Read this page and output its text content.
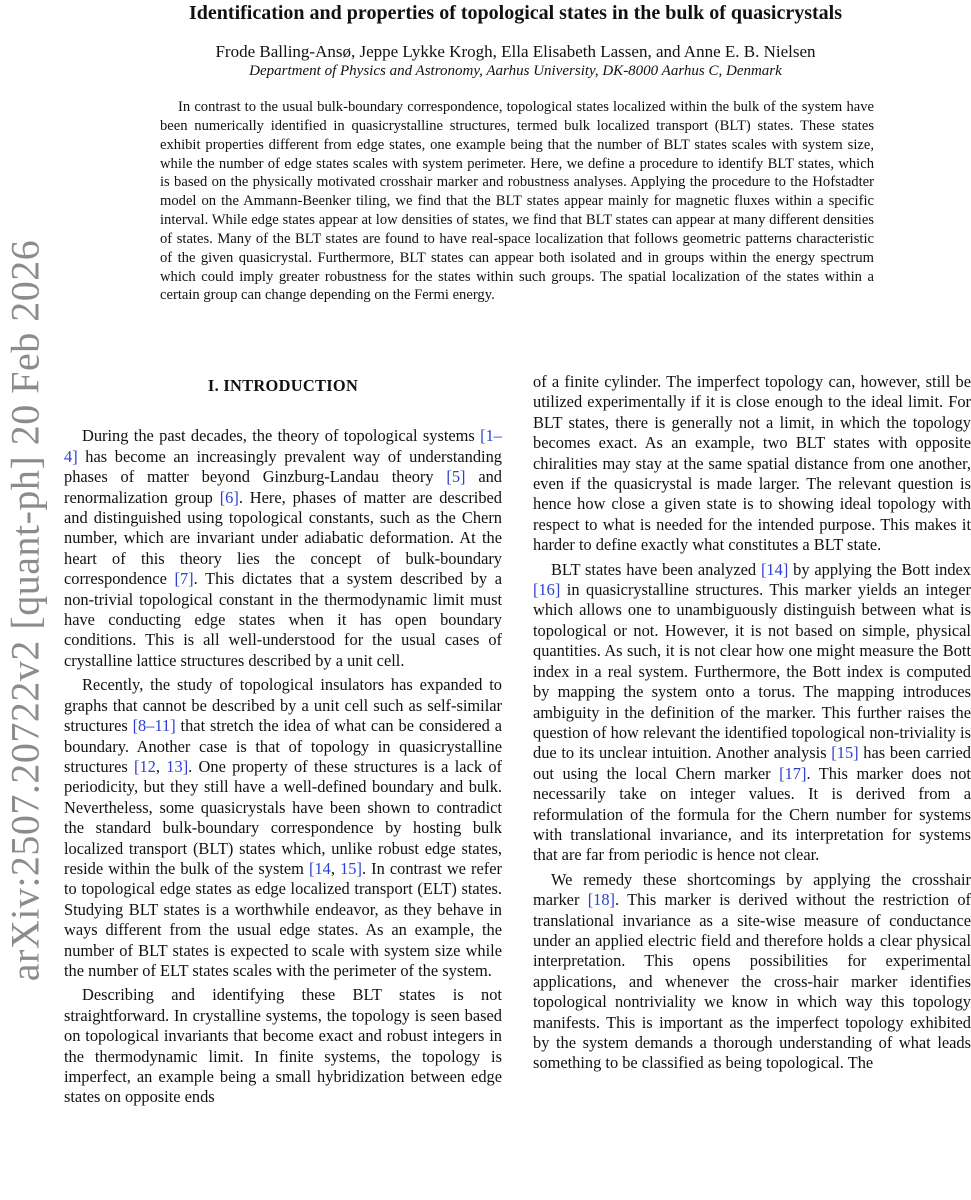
arXiv:2507.20722v2 [quant-ph] 20 Feb 2026
Identification and properties of topological states in the bulk of quasicrystals
Frode Balling-Ansø, Jeppe Lykke Krogh, Ella Elisabeth Lassen, and Anne E. B. Nielsen
Department of Physics and Astronomy, Aarhus University, DK-8000 Aarhus C, Denmark

In contrast to the usual bulk-boundary correspondence, topological states localized within the bulk of the system have been numerically identified in quasicrystalline structures, termed bulk localized transport (BLT) states. These states exhibit properties different from edge states, one example being that the number of BLT states scales with system size, while the number of edge states scales with system perimeter. Here, we define a procedure to identify BLT states, which is based on the physically motivated crosshair marker and robustness analyses. Applying the procedure to the Hofstadter model on the Ammann-Beenker tiling, we find that the BLT states appear mainly for magnetic fluxes within a specific interval. While edge states appear at low densities of states, we find that BLT states can appear at many different densities of states. Many of the BLT states are found to have real-space localization that follows geometric patterns characteristic of the given quasicrystal. Furthermore, BLT states can appear both isolated and in groups within the energy spectrum which could imply greater robustness for the states within such groups. The spatial localization of the states within a certain group can change depending on the Fermi energy.

I. INTRODUCTION

During the past decades, the theory of topological systems [1–4] has become an increasingly prevalent way of understanding phases of matter beyond Ginzburg-Landau theory [5] and renormalization group [6]. Here, phases of matter are described and distinguished using topological constants, such as the Chern number, which are invariant under adiabatic deformation. At the heart of this theory lies the concept of bulk-boundary correspondence [7]. This dictates that a system described by a non-trivial topological constant in the thermodynamic limit must have conducting edge states when it has open boundary conditions. This is all well-understood for the usual cases of crystalline lattice structures described by a unit cell.

Recently, the study of topological insulators has expanded to graphs that cannot be described by a unit cell such as self-similar structures [8–11] that stretch the idea of what can be considered a boundary. Another case is that of topology in quasicrystalline structures [12, 13]. One property of these structures is a lack of periodicity, but they still have a well-defined boundary and bulk. Nevertheless, some quasicrystals have been shown to contradict the standard bulk-boundary correspondence by hosting bulk localized transport (BLT) states which, unlike robust edge states, reside within the bulk of the system [14, 15]. In contrast we refer to topological edge states as edge localized transport (ELT) states. Studying BLT states is a worthwhile endeavor, as they behave in ways different from the usual edge states. As an example, the number of BLT states is expected to scale with system size while the number of ELT states scales with the perimeter of the system.

Describing and identifying these BLT states is not straightforward. In crystalline systems, the topology is seen based on topological invariants that become exact and robust integers in the thermodynamic limit. In finite systems, the topology is imperfect, an example being a small hybridization between edge states on opposite ends

of a finite cylinder. The imperfect topology can, however, still be utilized experimentally if it is close enough to the ideal limit. For BLT states, there is generally not a limit, in which the topology becomes exact. As an example, two BLT states with opposite chiralities may stay at the same spatial distance from one another, even if the quasicrystal is made larger. The relevant question is hence how close a given state is to showing ideal topology with respect to what is needed for the intended purpose. This makes it harder to define exactly what constitutes a BLT state.

BLT states have been analyzed [14] by applying the Bott index [16] in quasicrystalline structures. This marker yields an integer which allows one to unambiguously distinguish between what is topological or not. However, it is not based on simple, physical quantities. As such, it is not clear how one might measure the Bott index in a real system. Furthermore, the Bott index is computed by mapping the system onto a torus. The mapping introduces ambiguity in the definition of the marker. This further raises the question of how relevant the identified topological non-triviality is due to its unclear intuition. Another analysis [15] has been carried out using the local Chern marker [17]. This marker does not necessarily take on integer values. It is derived from a reformulation of the formula for the Chern number for systems with translational invariance, and its interpretation for systems that are far from periodic is hence not clear.

We remedy these shortcomings by applying the crosshair marker [18]. This marker is derived without the restriction of translational invariance as a site-wise measure of conductance under an applied electric field and therefore holds a clear physical interpretation. This opens possibilities for experimental applications, and whenever the cross-hair marker identifies topological nontriviality we know in which way this topology manifests. This is important as the imperfect topology exhibited by the system demands a thorough understanding of what leads something to be classified as being topological. The
